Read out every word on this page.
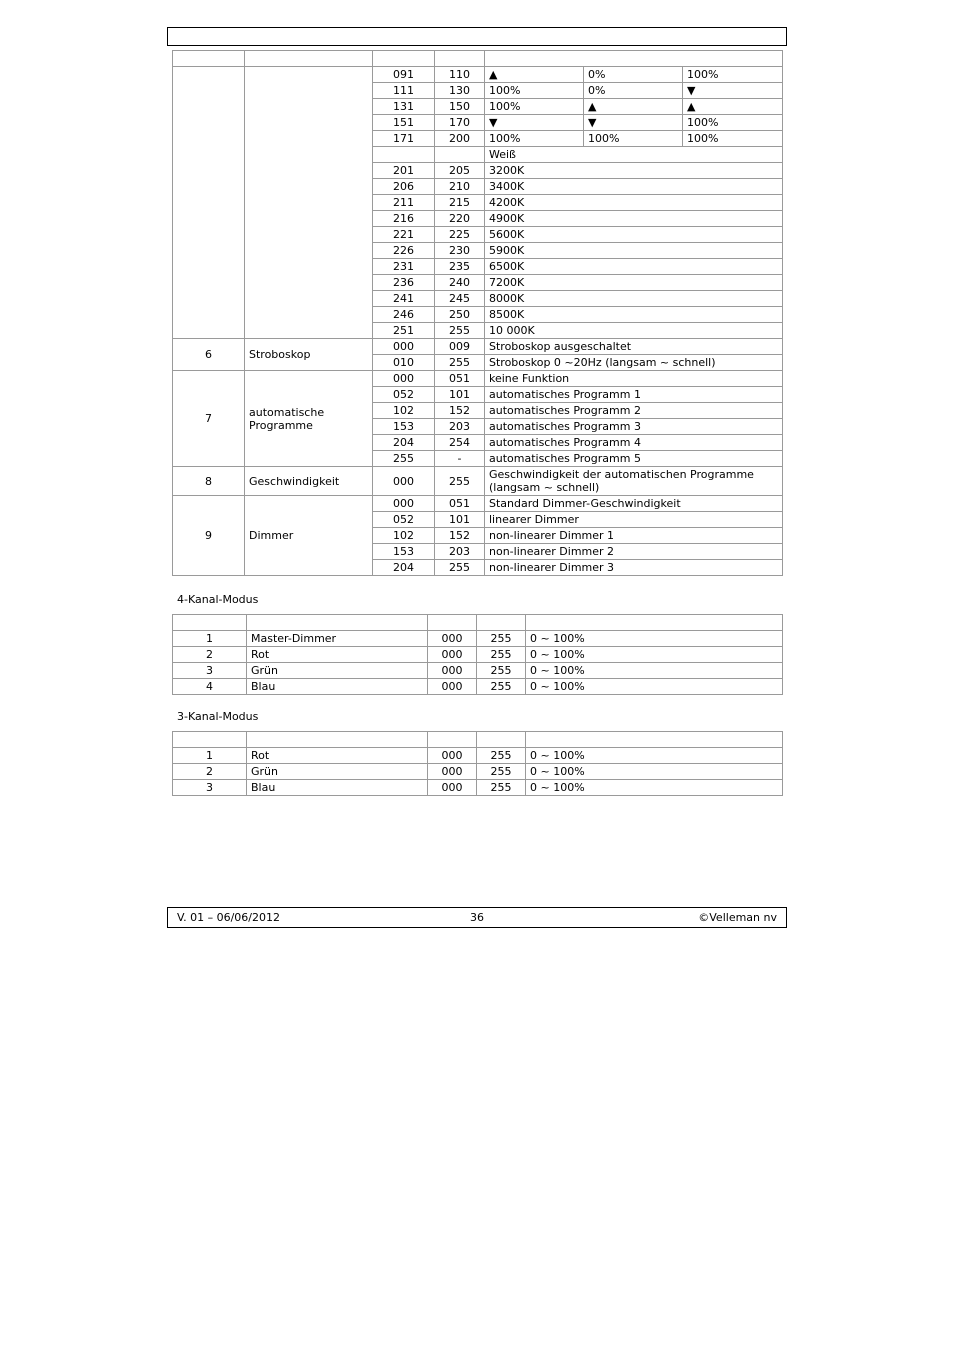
		091	110	▲	0%	100%
		111	130	100%	0%	▼
		131	150	100%	▲	▲
		151	170	▼	▼	100%
		171	200	100%	100%	100%
				Weiß		
		201	205	3200K		
		206	210	3400K		
		211	215	4200K		
		216	220	4900K		
		221	225	5600K		
		226	230	5900K		
		231	235	6500K		
		236	240	7200K		
		241	245	8000K		
		246	250	8500K		
		251	255	10 000K		
6	Stroboskop	000	009	Stroboskop ausgeschaltet		
		010	255	Stroboskop 0 ~20Hz (langsam ~ schnell)		
7	automatische Programme	000	051	keine Funktion		
		052	101	automatisches Programm 1		
		102	152	automatisches Programm 2		
		153	203	automatisches Programm 3		
		204	254	automatisches Programm 4		
		255	-	automatisches Programm 5		
8	Geschwindigkeit	000	255	Geschwindigkeit der automatischen Programme (langsam ~ schnell)		
9	Dimmer	000	051	Standard Dimmer-Geschwindigkeit		
		052	101	linearer Dimmer		
		102	152	non-linearer Dimmer 1		
		153	203	non-linearer Dimmer 2		
		204	255	non-linearer Dimmer 3		
4-Kanal-Modus

1	Master-Dimmer	000	255	0 ~ 100%
2	Rot	000	255	0 ~ 100%
3	Grün	000	255	0 ~ 100%
4	Blau	000	255	0 ~ 100%
3-Kanal-Modus

1	Rot	000	255	0 ~ 100%
2	Grün	000	255	0 ~ 100%
3	Blau	000	255	0 ~ 100%
V. 01 – 06/06/2012	36	©Velleman nv
